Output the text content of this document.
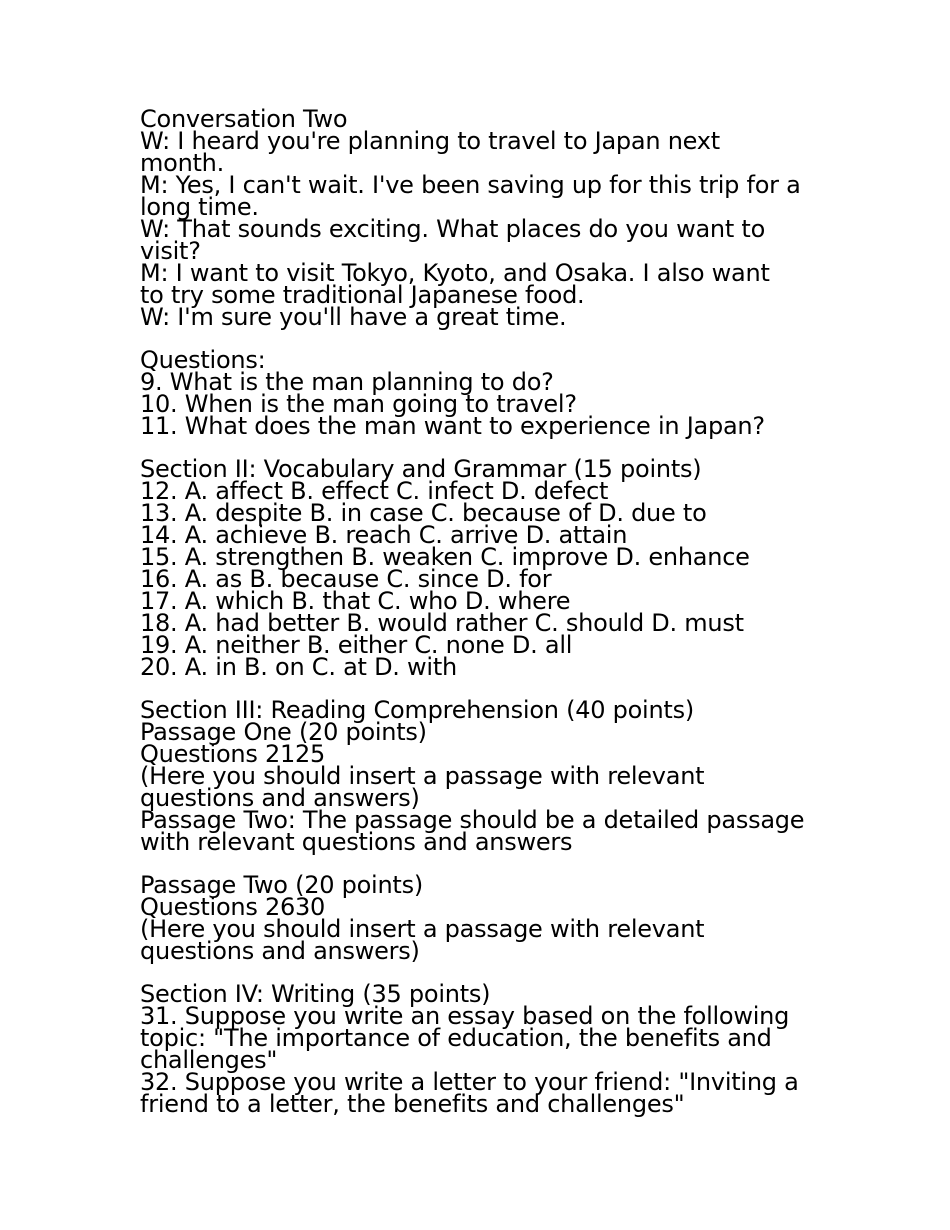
Conversation Two
W: I heard you're planning to travel to Japan next
month.
M: Yes, I can't wait. I've been saving up for this trip for a
long time.
W: That sounds exciting. What places do you want to
visit?
M: I want to visit Tokyo, Kyoto, and Osaka. I also want
to try some traditional Japanese food.
W: I'm sure you'll have a great time.
Questions:
9. What is the man planning to do?
10. When is the man going to travel?
11. What does the man want to experience in Japan?
Section II: Vocabulary and Grammar (15 points)
12. A. affect B. effect C. infect D. defect
13. A. despite B. in case C. because of D. due to
14. A. achieve B. reach C. arrive D. attain
15. A. strengthen B. weaken C. improve D. enhance
16. A. as B. because C. since D. for
17. A. which B. that C. who D. where
18. A. had better B. would rather C. should D. must
19. A. neither B. either C. none D. all
20. A. in B. on C. at D. with
Section III: Reading Comprehension (40 points)
Passage One (20 points)
Questions 2125
(Here you should insert a passage with relevant
questions and answers)
Passage Two: The passage should be a detailed passage
with relevant questions and answers
Passage Two (20 points)
Questions 2630
(Here you should insert a passage with relevant
questions and answers)
Section IV: Writing (35 points)
31. Suppose you write an essay based on the following
topic: "The importance of education, the benefits and
challenges"
32. Suppose you write a letter to your friend: "Inviting a
friend to a letter, the benefits and challenges"
